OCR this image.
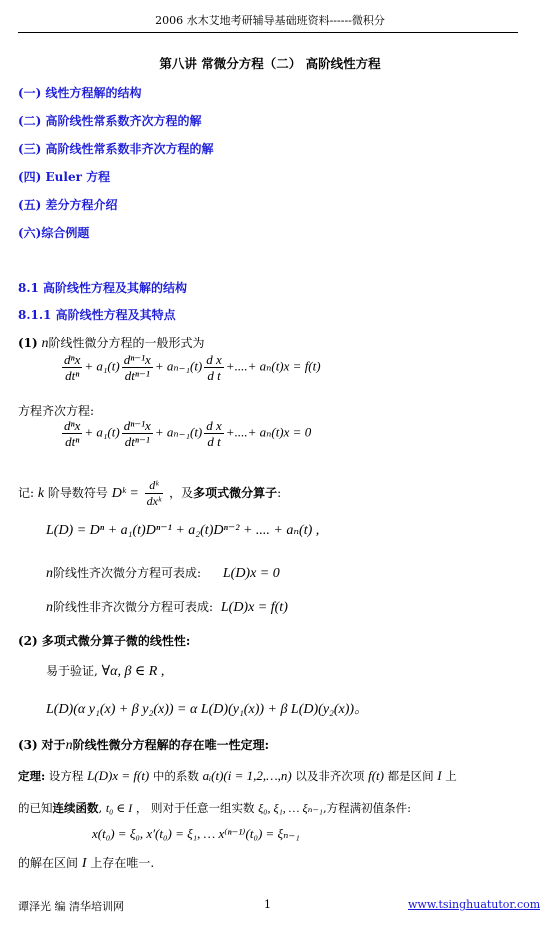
2006 水木艾地考研辅导基础班资料------微积分
第八讲 常微分方程（二） 高阶线性方程
(一) 线性方程解的结构
(二) 高阶线性常系数齐次方程的解
(三) 高阶线性常系数非齐次方程的解
(四) Euler 方程
(五) 差分方程介绍
(六)综合例题
8.1 高阶线性方程及其解的结构
8.1.1 高阶线性方程及其特点
(1) n阶线性微分方程的一般形式为
$\frac{\text{dⁿx}}{\text{dtⁿ}} + a_1(t) \frac{\text{dⁿ⁻¹x}}{\text{dtⁿ⁻¹}} + a_{n-1}(t) \frac{\text{d x}}{\text{d t}}$ +....+ aₙ(t)x = f(t)
方程齐次方程:
$\frac{\text{dⁿx}}{\text{dtⁿ}} + a_1(t) \frac{\text{dⁿ⁻¹x}}{\text{dtⁿ⁻¹}} + a_{n-1}(t) \frac{\text{d x}}{\text{d t}}$ +....+ aₙ(t)x = 0
记: k 阶导数符号 Dᵏ = $\frac{\text{dᵏ}}{\text{dxᵏ}}$ ，及多项式微分算子:
L(D) = Dⁿ + a₁(t)Dⁿ⁻¹ + a₂(t)Dⁿ⁻² + .... + aₙ(t) ,
n阶线性齐次微分方程可表成: L(D)x = 0
n阶线性非齐次微分方程可表成: L(D)x = f(t)
(2) 多项式微分算子微的线性性:
易于验证, ∀α, β ∈ R ,
L(D)(α y₁(x) + β y₂(x)) = α L(D)(y₁(x)) + β L(D)(y₂(x))。
(3) 对于n阶线性微分方程解的存在唯一性定理:
定理: 设方程 L(D)x = f(t) 中的系数 aᵢ(t)(i = 1,2,…,n) 以及非齐次项 f(t) 都是区间 I 上
的已知连续函数, t₀ ∈ I ， 则对于任意一组实数 ξ₀, ξ₁, … ξₙ₋₁,方程满初值条件:
x(t₀) = ξ₀, x′(t₀) = ξ₁, … x⁽ⁿ⁻¹⁾(t₀) = ξₙ₋₁
的解在区间 I 上存在唯一.
谭泽光 编 清华培训网	1	www.tsinghuatutor.com
